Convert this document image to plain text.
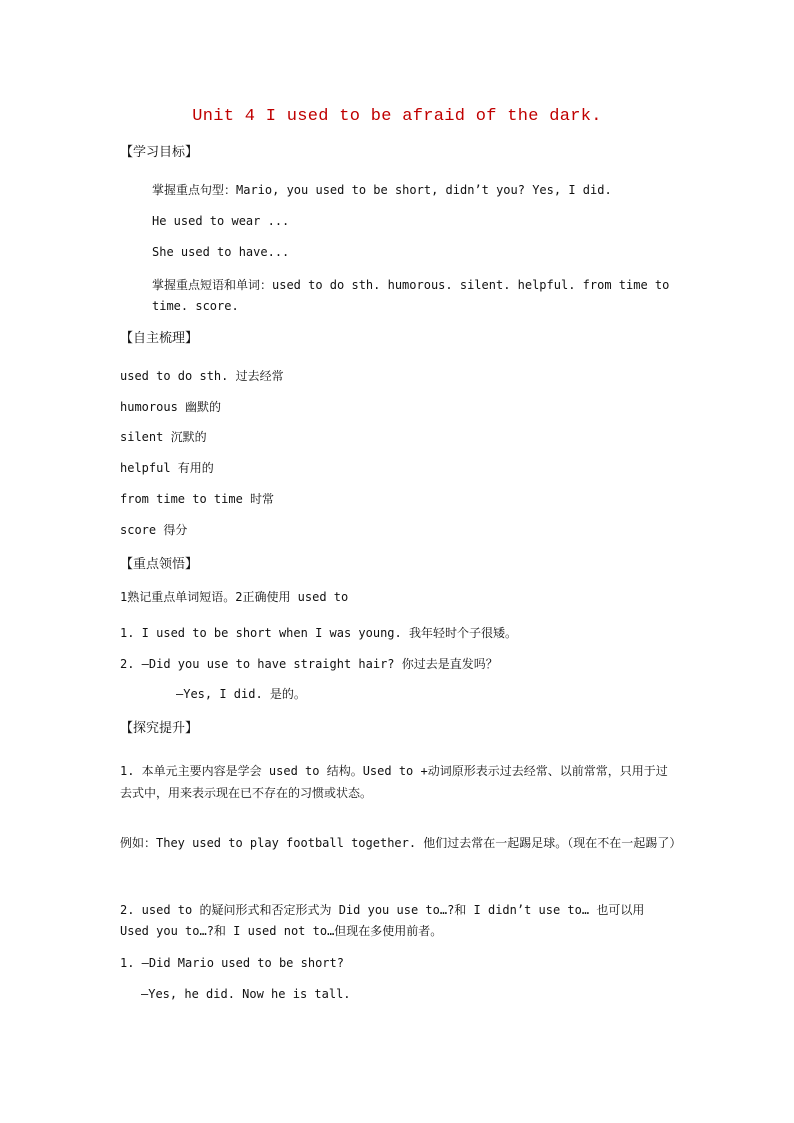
Unit 4 I used to be afraid of the dark.
【学习目标】
掌握重点句型：Mario, you used to be short, didn’t you? Yes, I did.
He used to wear ...
She used to have...
掌握重点短语和单词：used to do sth. humorous. silent. helpful. from time to time. score.
【自主梳理】
used to do sth. 过去经常
humorous 幽默的
silent 沉默的
helpful 有用的
from time to time 时常
score 得分
【重点领悟】
1熟记重点单词短语。2正确使用 used to
1. I used to be short when I was young. 我年轻时个子很矮。
2. —Did you use to have straight hair? 你过去是直发吗？
—Yes, I did. 是的。
【探究提升】
1. 本单元主要内容是学会 used to 结构。Used to +动词原形表示过去经常、以前常常，只用于过去式中，用来表示现在已不存在的习惯或状态。
例如：They used to play football together. 他们过去常在一起踢足球。（现在不在一起踢了）
2. used to 的疑问形式和否定形式为 Did you use to…?和 I didn’t use to… 也可以用 Used you to…?和 I used not to…但现在多使用前者。
1. —Did Mario used to be short?
—Yes, he did. Now he is tall.
